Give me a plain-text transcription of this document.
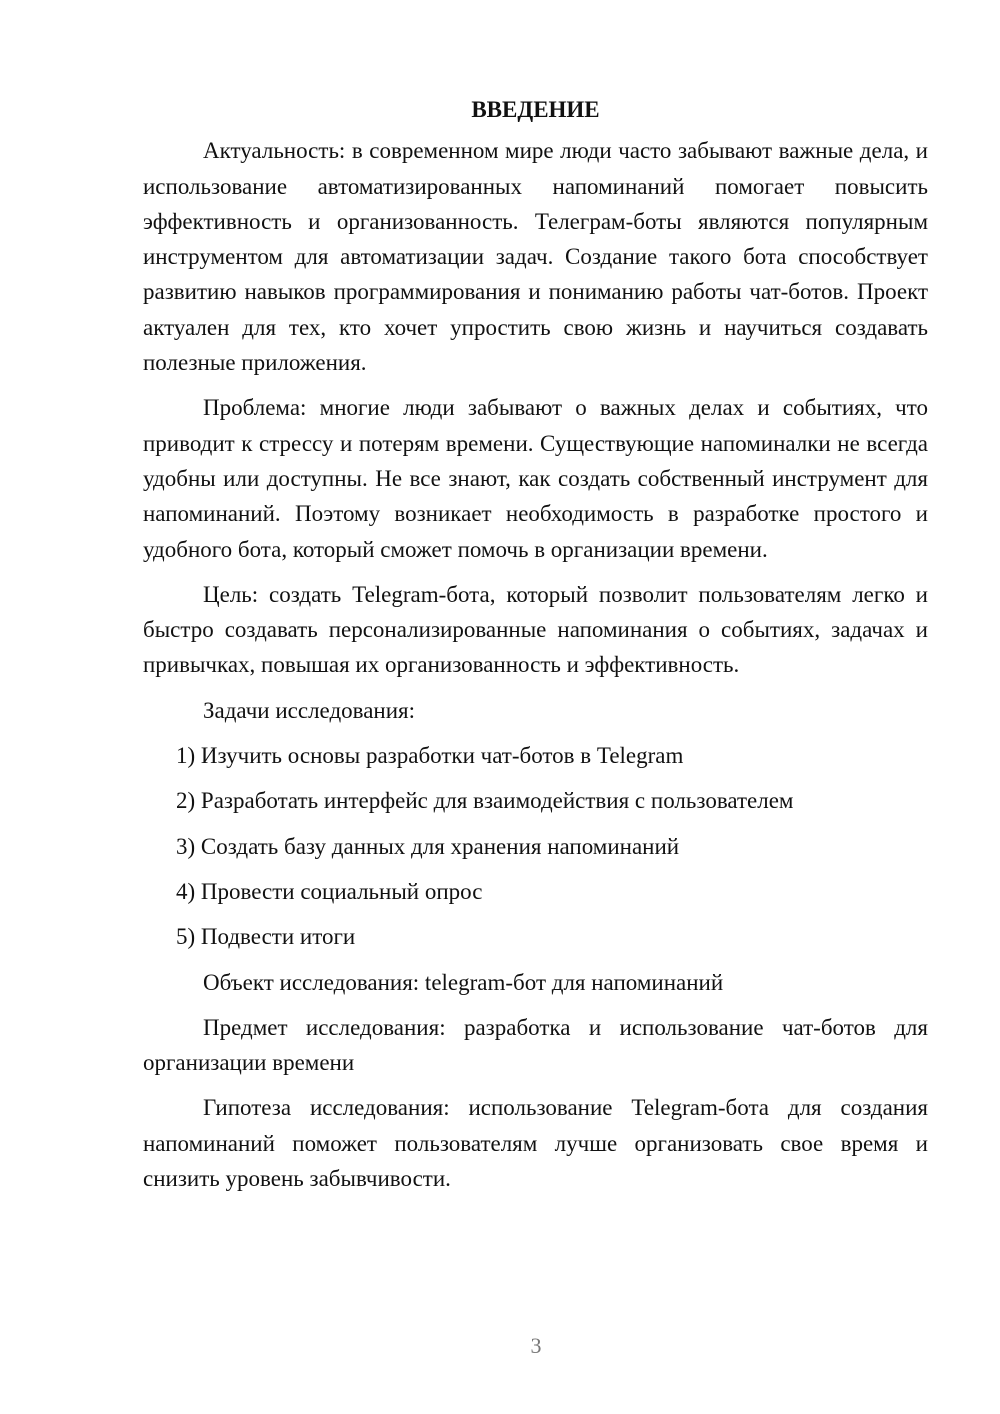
ВВЕДЕНИЕ

Актуальность: в современном мире люди часто забывают важные дела, и использование автоматизированных напоминаний помогает повысить эффективность и организованность. Телеграм-боты являются популярным инструментом для автоматизации задач. Создание такого бота способствует развитию навыков программирования и пониманию работы чат-ботов. Проект актуален для тех, кто хочет упростить свою жизнь и научиться создавать полезные приложения.

Проблема: многие люди забывают о важных делах и событиях, что приводит к стрессу и потерям времени. Существующие напоминалки не всегда удобны или доступны. Не все знают, как создать собственный инструмент для напоминаний. Поэтому возникает необходимость в разработке простого и удобного бота, который сможет помочь в организации времени.

Цель: создать Telegram-бота, который позволит пользователям легко и быстро создавать персонализированные напоминания о событиях, задачах и привычках, повышая их организованность и эффективность.

Задачи исследования:

1) Изучить основы разработки чат-ботов в Telegram
2) Разработать интерфейс для взаимодействия с пользователем
3) Создать базу данных для хранения напоминаний
4) Провести социальный опрос
5) Подвести итоги

Объект исследования: telegram-бот для напоминаний

Предмет исследования: разработка и использование чат-ботов для организации времени

Гипотеза исследования: использование Telegram-бота для создания напоминаний поможет пользователям лучше организовать свое время и снизить уровень забывчивости.

3
